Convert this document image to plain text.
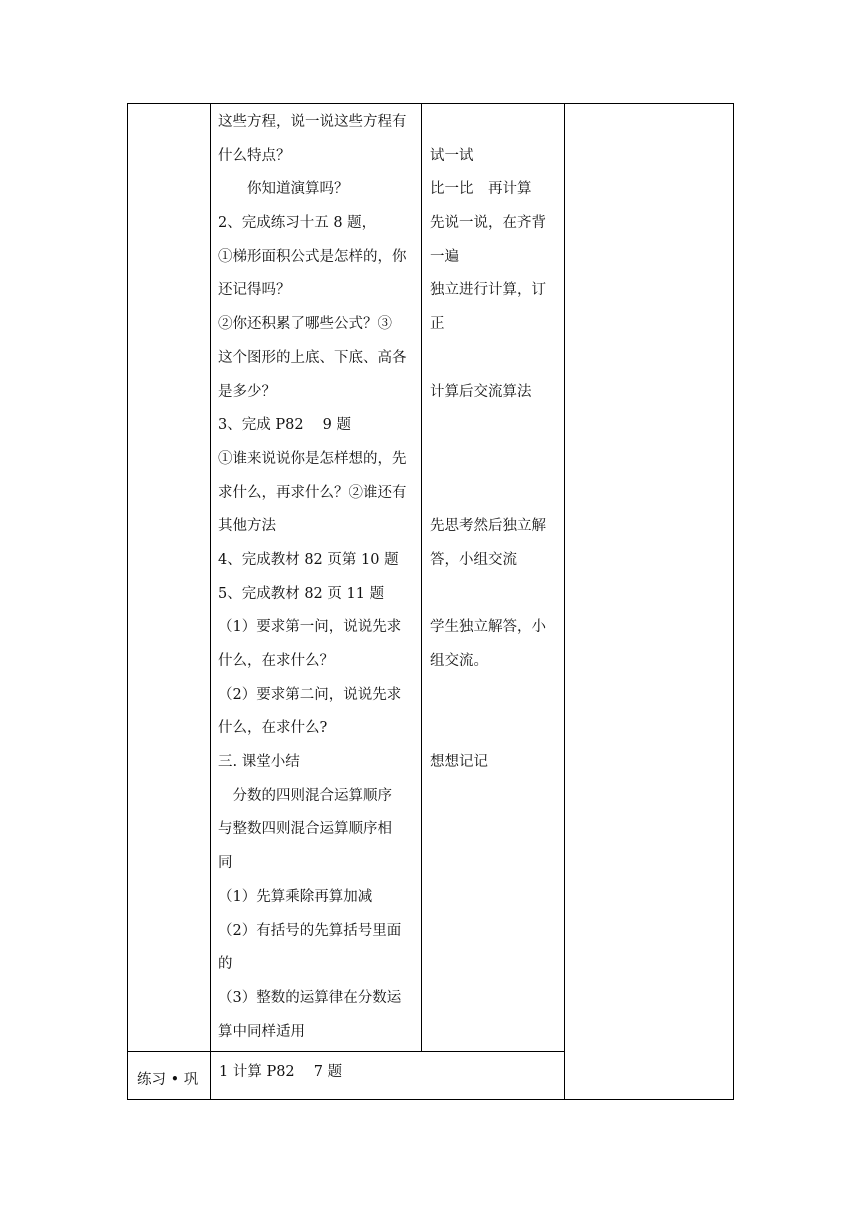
这些方程，说一说这些方程有
什么特点？
　　你知道演算吗？
2、完成练习十五 8 题，
①梯形面积公式是怎样的，你
还记得吗？
②你还积累了哪些公式？③
这个图形的上底、下底、高各
是多少？
3、完成 P82　 9 题
①谁来说说你是怎样想的，先
求什么，再求什么？②谁还有
其他方法
4、完成教材 82 页第 10 题
5、完成教材 82 页 11 题
（1）要求第一问，说说先求
什么，在求什么？
（2）要求第二问，说说先求
什么，在求什么?
三. 课堂小结
　分数的四则混合运算顺序
与整数四则混合运算顺序相
同
（1）先算乘除再算加减
（2）有括号的先算括号里面
的
（3）整数的运算律在分数运
算中同样适用
试一试
比一比　再计算
先说一说，在齐背
一遍
独立进行计算，订
正
计算后交流算法
先思考然后独立解
答，小组交流
学生独立解答，小
组交流。
想想记记
练习 • 巩 1 计算 P82　 7 题
